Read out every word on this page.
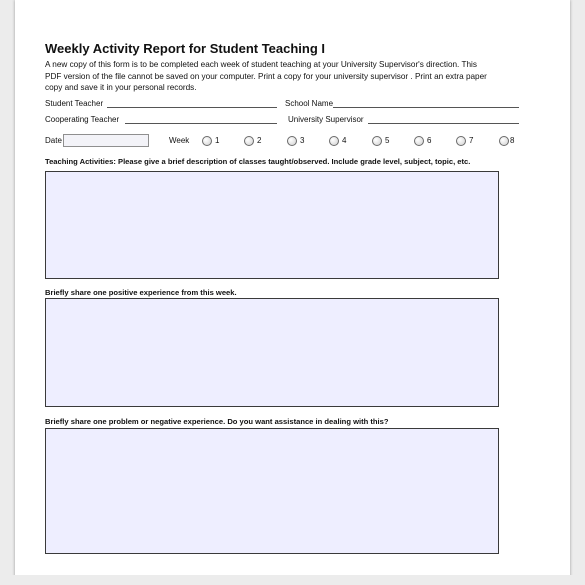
Weekly Activity Report for Student Teaching I
A new copy of this form is to be completed each week of student teaching at your University Supervisor's direction. This
PDF version of the file cannot be saved on your computer. Print a copy for your university supervisor . Print an extra paper
copy and save it in your personal records.
Student Teacher	School Name
Cooperating Teacher	University Supervisor
Date	Week	1	2	3	4	5	6	7	8
Teaching Activities: Please give a brief description of classes taught/observed. Include grade level, subject, topic, etc.
Briefly share one positive experience from this week.
Briefly share one problem or negative experience. Do you want assistance in dealing with this?
